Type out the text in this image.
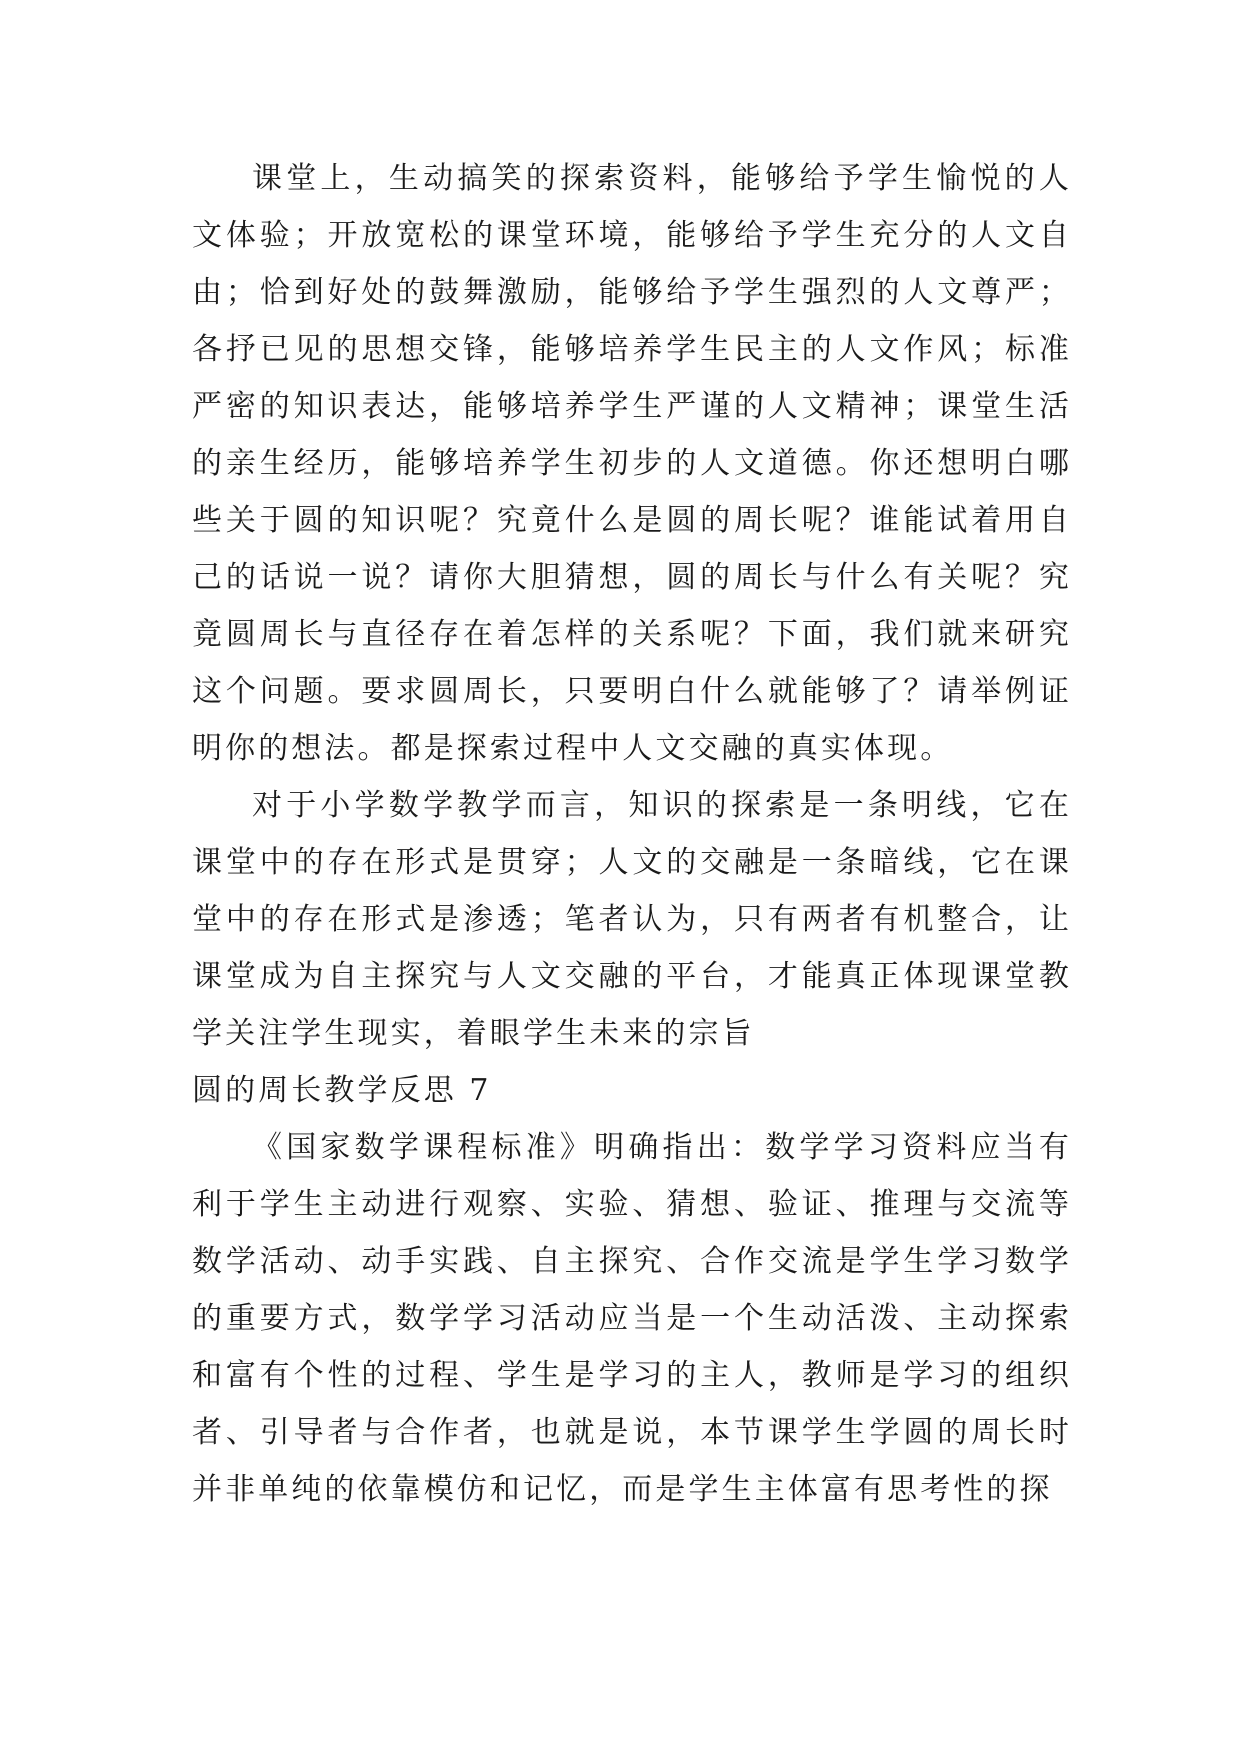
课堂上，生动搞笑的探索资料，能够给予学生愉悦的人文体验；开放宽松的课堂环境，能够给予学生充分的人文自由；恰到好处的鼓舞激励，能够给予学生强烈的人文尊严；各抒已见的思想交锋，能够培养学生民主的人文作风；标准严密的知识表达，能够培养学生严谨的人文精神；课堂生活的亲生经历，能够培养学生初步的人文道德。你还想明白哪些关于圆的知识呢？究竟什么是圆的周长呢？谁能试着用自己的话说一说？请你大胆猜想，圆的周长与什么有关呢？究竟圆周长与直径存在着怎样的关系呢？下面，我们就来研究这个问题。要求圆周长，只要明白什么就能够了？请举例证明你的想法。都是探索过程中人文交融的真实体现。

对于小学数学教学而言，知识的探索是一条明线，它在课堂中的存在形式是贯穿；人文的交融是一条暗线，它在课堂中的存在形式是渗透；笔者认为，只有两者有机整合，让课堂成为自主探究与人文交融的平台，才能真正体现课堂教学关注学生现实，着眼学生未来的宗旨

圆的周长教学反思 7

《国家数学课程标准》明确指出：数学学习资料应当有利于学生主动进行观察、实验、猜想、验证、推理与交流等数学活动、动手实践、自主探究、合作交流是学生学习数学的重要方式，数学学习活动应当是一个生动活泼、主动探索和富有个性的过程、学生是学习的主人，教师是学习的组织者、引导者与合作者，也就是说，本节课学生学圆的周长时并非单纯的依靠模仿和记忆，而是学生主体富有思考性的探
